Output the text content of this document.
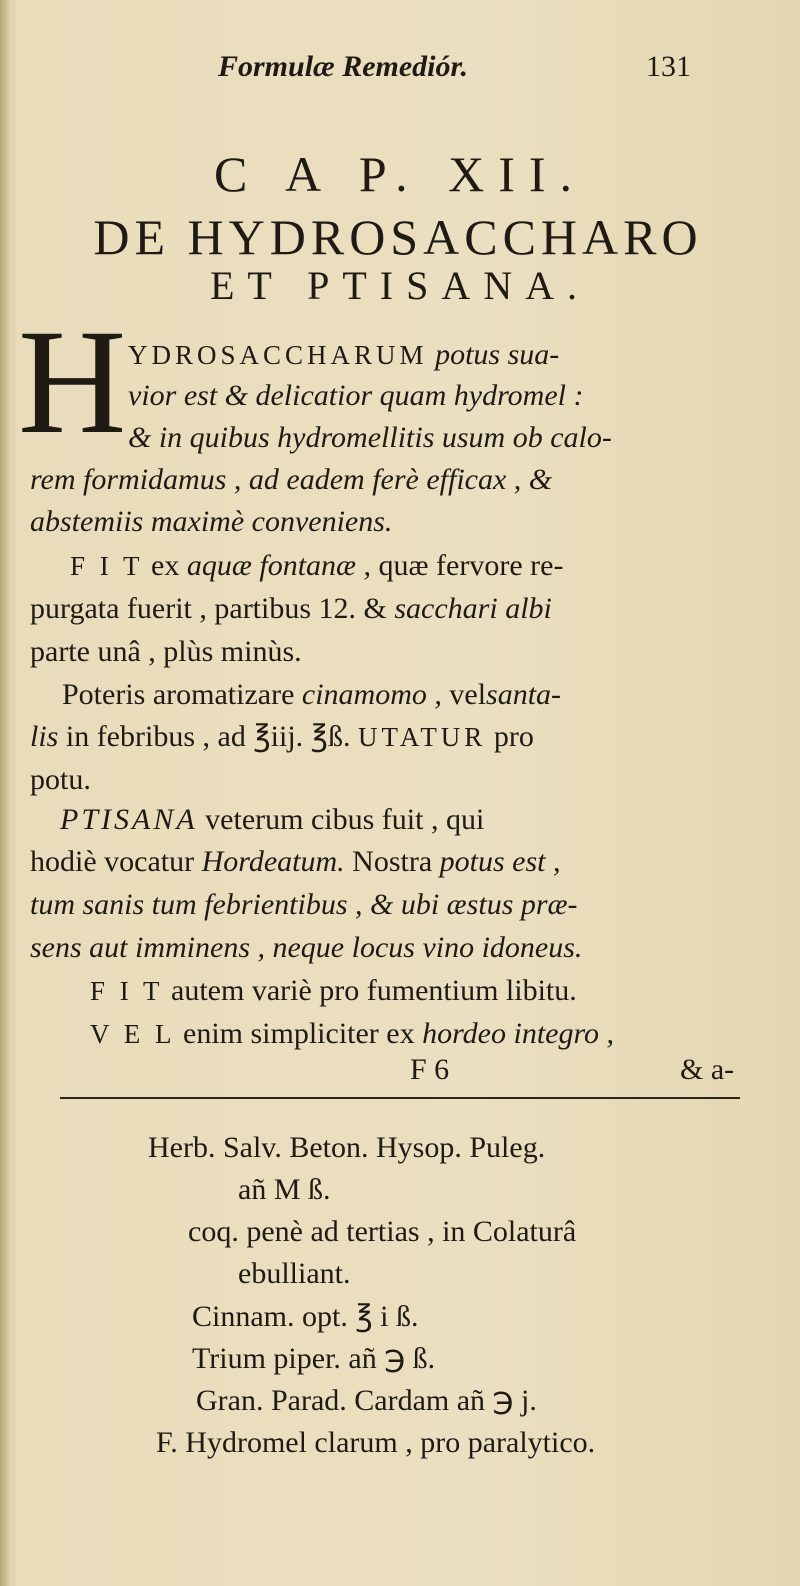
Formulæ Remediór.	131
C A P. XII.
DE HYDROSACCHARO
ET PTISANA.
H YDROSACCHARUM potus sua-
vior est & delicatior quam hydromel :
& in quibus hydromellitis usum ob calo-
rem formidamus , ad eadem ferè efficax , &
abstemiis maximè conveniens.
F I T ex aquæ fontanæ , quæ fervore re-
purgata fuerit , partibus 12. & sacchari albi
parte unâ , plùs minùs.
Poteris aromatizare cinamomo , velsanta-
lis in febribus , ad ℥iij. ℥ß. UTATUR pro
potu.
PTISANA veterum cibus fuit , qui
hodiè vocatur Hordeatum. Nostra potus est ,
tum sanis tum febrientibus , & ubi æstus præ-
sens aut imminens , neque locus vino idoneus.
F I T autem variè pro fumentium libitu.
V E L enim simpliciter ex hordeo integro ,
F 6	& a-
Herb. Salv. Beton. Hysop. Puleg.
añ M ß.
coq. penè ad tertias , in Colaturâ
ebulliant.
Cinnam. opt. ℥ i ß.
Trium piper. añ ℈ ß.
Gran. Parad. Cardam añ ℈ j.
F. Hydromel clarum , pro paralytico.
